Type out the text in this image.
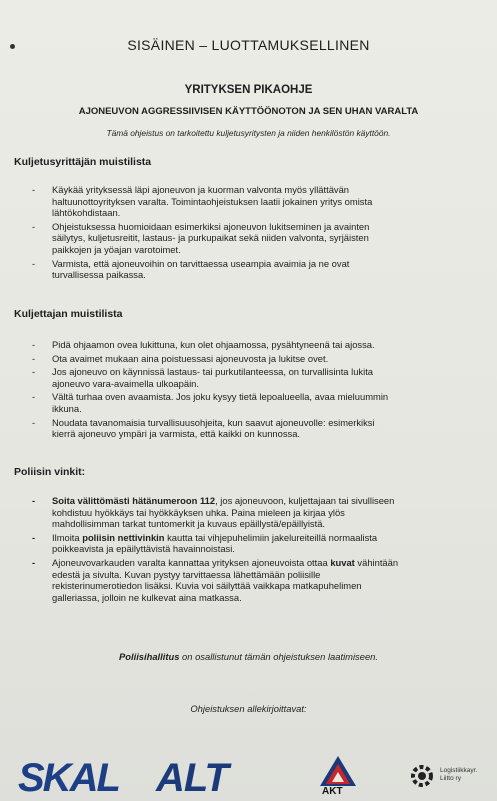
SISÄINEN – LUOTTAMUKSELLINEN
YRITYKSEN PIKAOHJE
AJONEUVON AGGRESSIIVISEN KÄYTTÖÖNOTON JA SEN UHAN VARALTA
Tämä ohjeistus on tarkoitettu kuljetusyritysten ja niiden henkilöstön käyttöön.
Kuljetusyrittäjän muistilista
- Käykää yrityksessä läpi ajoneuvon ja kuorman valvonta myös yllättävän
haltuunottoyrityksen varalta. Toimintaohjeistuksen laatii jokainen yritys omista
lähtökohdistaan.
- Ohjeistuksessa huomioidaan esimerkiksi ajoneuvon lukitseminen ja avainten
säilytys, kuljetusreitit, lastaus- ja purkupaikat sekä niiden valvonta, syrjäisten
paikkojen ja yöajan varotoimet.
- Varmista, että ajoneuvoihin on tarvittaessa useampia avaimia ja ne ovat
turvallisessa paikassa.
Kuljettajan muistilista
- Pidä ohjaamon ovea lukittuna, kun olet ohjaamossa, pysähtyneenä tai ajossa.
- Ota avaimet mukaan aina poistuessasi ajoneuvosta ja lukitse ovet.
- Jos ajoneuvo on käynnissä lastaus- tai purkutilanteessa, on turvallisinta lukita
ajoneuvo vara-avaimella ulkoapäin.
- Vältä turhaa oven avaamista. Jos joku kysyy tietä lepoalueella, avaa mieluummin
ikkuna.
- Noudata tavanomaisia turvallisuusohjeita, kun saavut ajoneuvolle: esimerkiksi
kierrä ajoneuvo ympäri ja varmista, että kaikki on kunnossa.
Poliisin vinkit:
- Soita välittömästi hätänumeroon 112, jos ajoneuvoon, kuljettajaan tai sivulliseen
kohdistuu hyökkäys tai hyökkäyksen uhka. Paina mieleen ja kirjaa ylös
mahdollisimman tarkat tuntomerkit ja kuvaus epäillystä/epäillyistä.
- Ilmoita poliisin nettivinkin kautta tai vihjepuhelimiin jakelureiteillä normaalista
poikkeavista ja epäilyttävistä havainnoistasi.
- Ajoneuvovarkauden varalta kannattaa yrityksen ajoneuvoista ottaa kuvat vähintään
edestä ja sivulta. Kuvan pystyy tarvittaessa lähettämään poliisille
rekisterinumerotiedon lisäksi. Kuvia voi säilyttää vaikkapa matkapuhelimen
galleriassa, jolloin ne kulkevat aina matkassa.
Poliisihallitus on osallistunut tämän ohjeistuksen laatimiseen.
Ohjeistuksen allekirjoittavat:
SKAL ALT	AKT
Logistiikkayr.
Liitto ry
